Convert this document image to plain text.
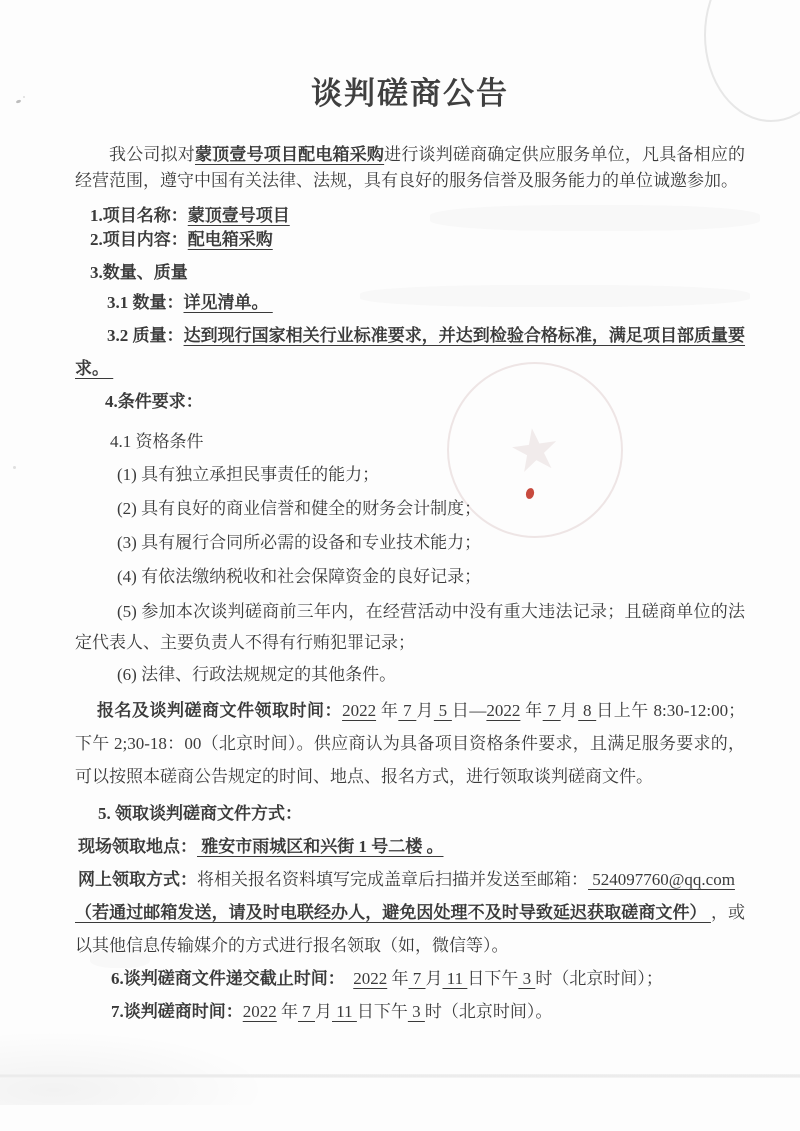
★
谈判磋商公告

我公司拟对蒙顶壹号项目配电箱采购进行谈判磋商确定供应服务单位，凡具备相应的经营范围，遵守中国有关法律、法规，具有良好的服务信誉及服务能力的单位诚邀参加。

1.项目名称：蒙顶壹号项目

2.项目内容：配电箱采购

3.数量、质量

3.1 数量：详见清单。

3.2 质量：达到现行国家相关行业标准要求，并达到检验合格标准，满足项目部质量要求。

4.条件要求：

4.1 资格条件

(1) 具有独立承担民事责任的能力；

(2) 具有良好的商业信誉和健全的财务会计制度；

(3) 具有履行合同所必需的设备和专业技术能力；

(4) 有依法缴纳税收和社会保障资金的良好记录；

(5) 参加本次谈判磋商前三年内，在经营活动中没有重大违法记录；且磋商单位的法定代表人、主要负责人不得有行贿犯罪记录；

(6) 法律、行政法规规定的其他条件。

报名及谈判磋商文件领取时间：2022 年 7 月 5 日—2022 年 7 月 8 日上午 8:30-12:00；下午 2;30-18：00（北京时间）。供应商认为具备项目资格条件要求，且满足服务要求的，可以按照本磋商公告规定的时间、地点、报名方式，进行领取谈判磋商文件。

5. 领取谈判磋商文件方式：

现场领取地点： 雅安市雨城区和兴街 1 号二楼 。

网上领取方式：将相关报名资料填写完成盖章后扫描并发送至邮箱： 524097760@qq.com

（若通过邮箱发送，请及时电联经办人，避免因处理不及时导致延迟获取磋商文件） ，或以其他信息传输媒介的方式进行报名领取（如，微信等）。

6.谈判磋商文件递交截止时间： 2022 年 7 月 11 日下午 3 时（北京时间）；

7.谈判磋商时间：2022 年 7 月 11 日下午 3 时（北京时间）。
